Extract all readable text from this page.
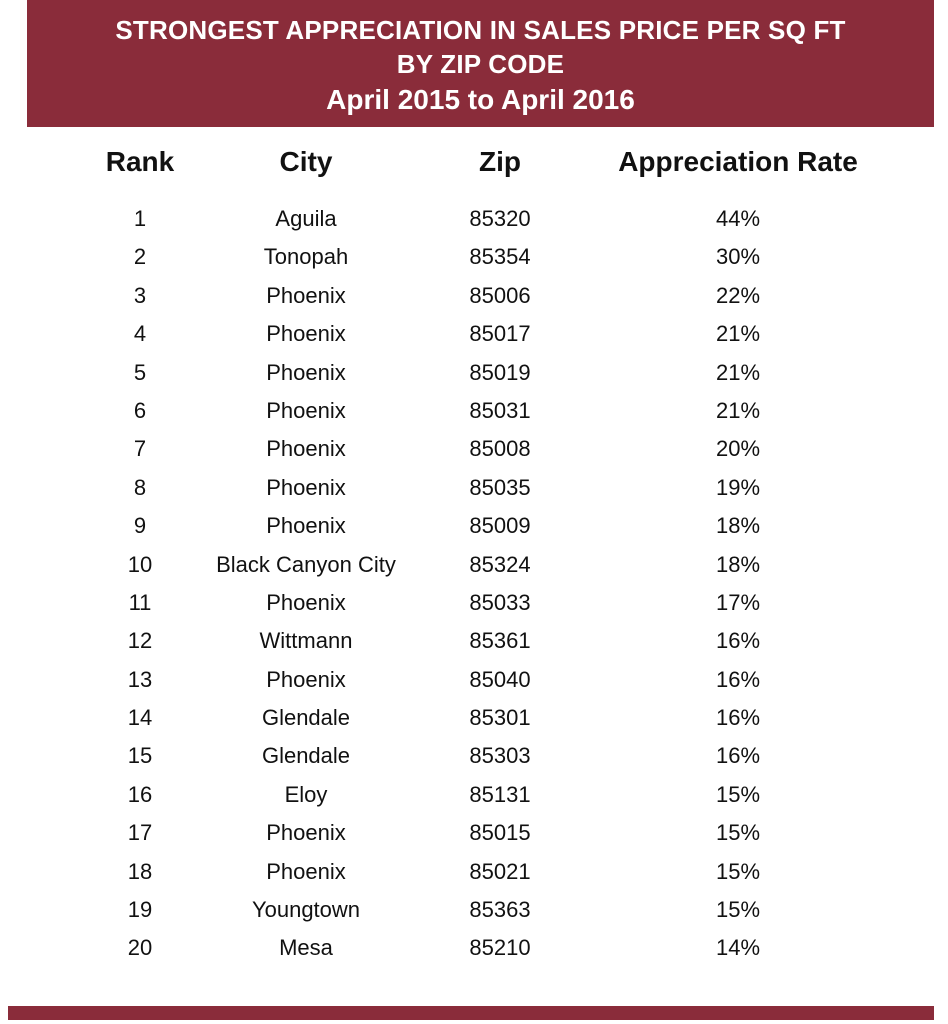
STRONGEST APPRECIATION IN SALES PRICE PER SQ FT
BY ZIP CODE
April 2015 to April 2016
Rank	City	Zip	Appreciation Rate
1	Aguila	85320	44%
2	Tonopah	85354	30%
3	Phoenix	85006	22%
4	Phoenix	85017	21%
5	Phoenix	85019	21%
6	Phoenix	85031	21%
7	Phoenix	85008	20%
8	Phoenix	85035	19%
9	Phoenix	85009	18%
10	Black Canyon City	85324	18%
11	Phoenix	85033	17%
12	Wittmann	85361	16%
13	Phoenix	85040	16%
14	Glendale	85301	16%
15	Glendale	85303	16%
16	Eloy	85131	15%
17	Phoenix	85015	15%
18	Phoenix	85021	15%
19	Youngtown	85363	15%
20	Mesa	85210	14%
